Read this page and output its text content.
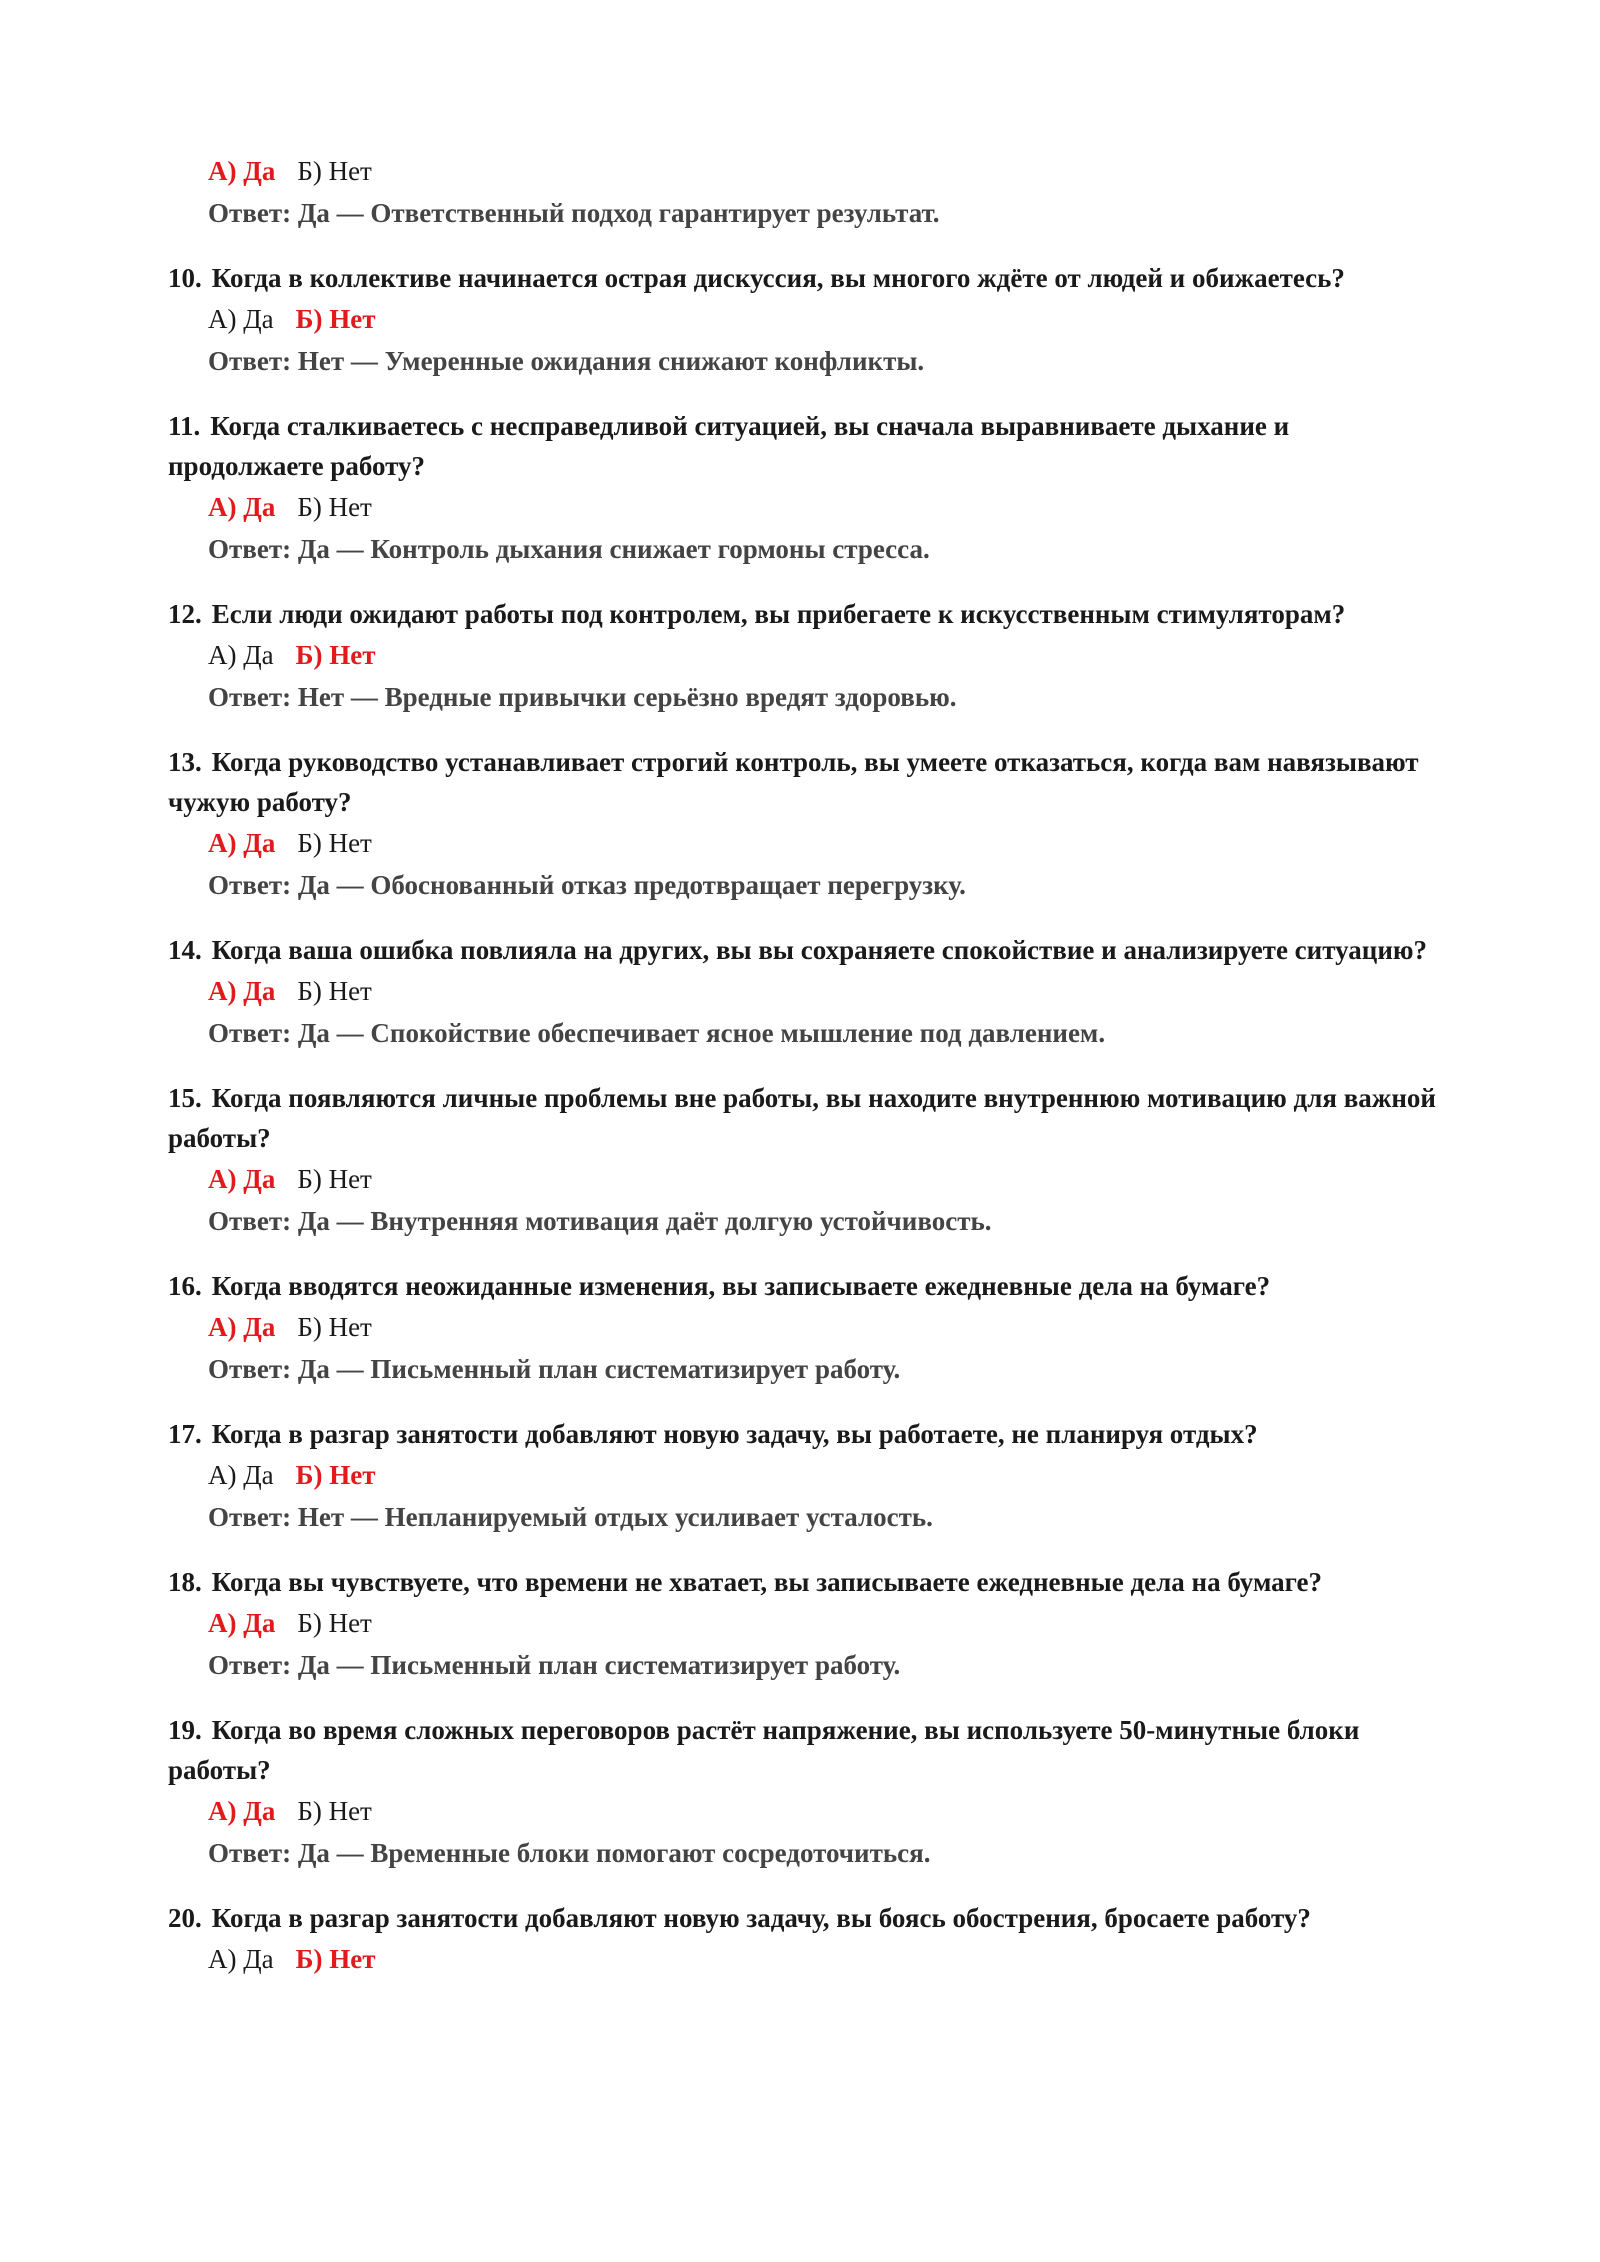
А) Да Б) Нет
Ответ: Да — Ответственный подход гарантирует результат.
10. Когда в коллективе начинается острая дискуссия, вы многого ждёте от людей и обижаетесь?
А) Да Б) Нет
Ответ: Нет — Умеренные ожидания снижают конфликты.
11. Когда сталкиваетесь с несправедливой ситуацией, вы сначала выравниваете дыхание и продолжаете работу?
А) Да Б) Нет
Ответ: Да — Контроль дыхания снижает гормоны стресса.
12. Если люди ожидают работы под контролем, вы прибегаете к искусственным стимуляторам?
А) Да Б) Нет
Ответ: Нет — Вредные привычки серьёзно вредят здоровью.
13. Когда руководство устанавливает строгий контроль, вы умеете отказаться, когда вам навязывают чужую работу?
А) Да Б) Нет
Ответ: Да — Обоснованный отказ предотвращает перегрузку.
14. Когда ваша ошибка повлияла на других, вы вы сохраняете спокойствие и анализируете ситуацию?
А) Да Б) Нет
Ответ: Да — Спокойствие обеспечивает ясное мышление под давлением.
15. Когда появляются личные проблемы вне работы, вы находите внутреннюю мотивацию для важной работы?
А) Да Б) Нет
Ответ: Да — Внутренняя мотивация даёт долгую устойчивость.
16. Когда вводятся неожиданные изменения, вы записываете ежедневные дела на бумаге?
А) Да Б) Нет
Ответ: Да — Письменный план систематизирует работу.
17. Когда в разгар занятости добавляют новую задачу, вы работаете, не планируя отдых?
А) Да Б) Нет
Ответ: Нет — Непланируемый отдых усиливает усталость.
18. Когда вы чувствуете, что времени не хватает, вы записываете ежедневные дела на бумаге?
А) Да Б) Нет
Ответ: Да — Письменный план систематизирует работу.
19. Когда во время сложных переговоров растёт напряжение, вы используете 50-минутные блоки работы?
А) Да Б) Нет
Ответ: Да — Временные блоки помогают сосредоточиться.
20. Когда в разгар занятости добавляют новую задачу, вы боясь обострения, бросаете работу?
А) Да Б) Нет
